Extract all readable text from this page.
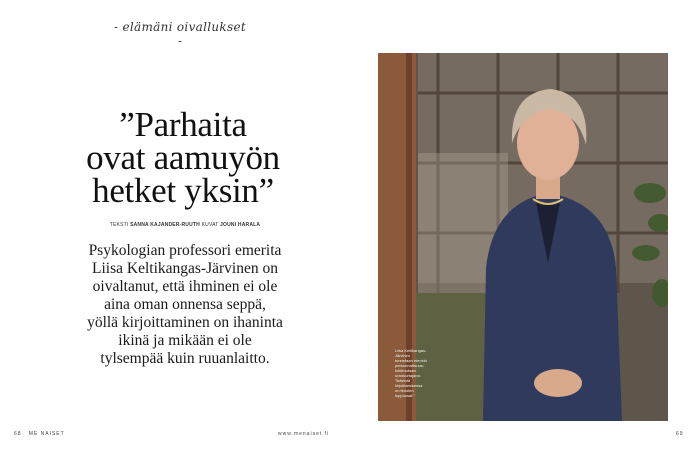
- elämäni oivallukset -
”Parhaita
ovat aamuyön
hetket yksin”
TEKSTI SANNA KAJANDER-RUUTH KUVAT JOUNI HARALA
Psykologian professori emerita
Liisa Keltikangas-Järvinen on
oivaltanut, että ihminen ei ole
aina oman onnensa seppä,
yöllä kirjoittaminen on ihaninta
ikinä ja mikään ei ole
tylsempää kuin ruuanlaitto.	Liisa Keltikangas-
Järvinen
tunnetaan etenkin
persoonallisuus-
tutkimuksen
uranuurtajana.
”Ikävintä
kirjoittamisessa
on teosten
loppuosat.”
68 ME NAISET	www.menaiset.fi	69
